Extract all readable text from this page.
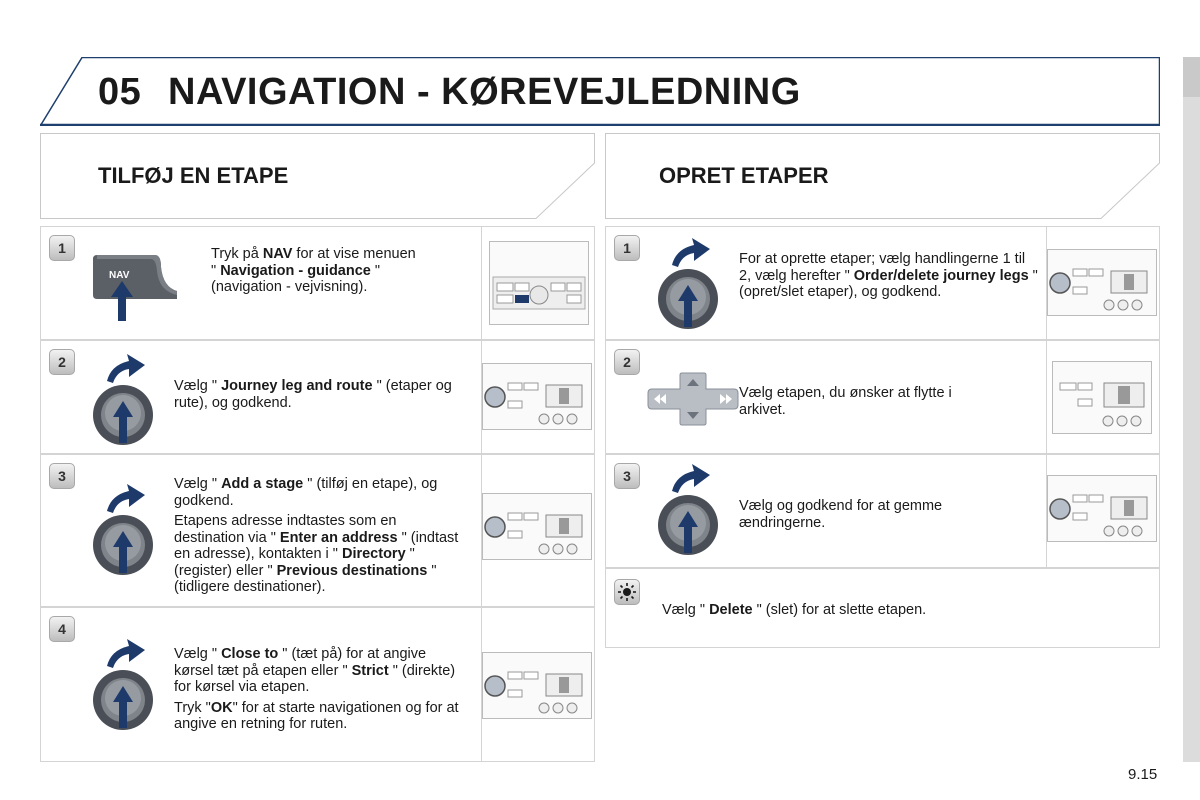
05 NAVIGATION - KØREVEJLEDNING
TILFØJ EN ETAPE	OPRET ETAPER
1
NAV
Tryk på NAV for at vise menuen
" Navigation - guidance "
(navigation - vejvisning).
2
Vælg " Journey leg and route " (etaper og rute), og godkend.
3	Vælg " Add a stage " (tilføj en etape), og godkend.

Etapens adresse indtastes som en destination via " Enter an address " (indtast en adresse), kontakten i " Directory " (register) eller " Previous destinations " (tidligere destinationer).

4

Vælg " Close to " (tæt på) for at angive kørsel tæt på etapen eller " Strict " (direkte) for kørsel via etapen.

Tryk "OK" for at starte navigationen og for at angive en retning for ruten.

1
For at oprette etaper; vælg handlingerne 1 til 2, vælg herefter " Order/delete journey legs " (opret/slet etaper), og godkend.
2
Vælg etapen, du ønsker at flytte i arkivet.
3
Vælg og godkend for at gemme ændringerne.
Vælg " Delete " (slet) for at slette etapen.
9.15
